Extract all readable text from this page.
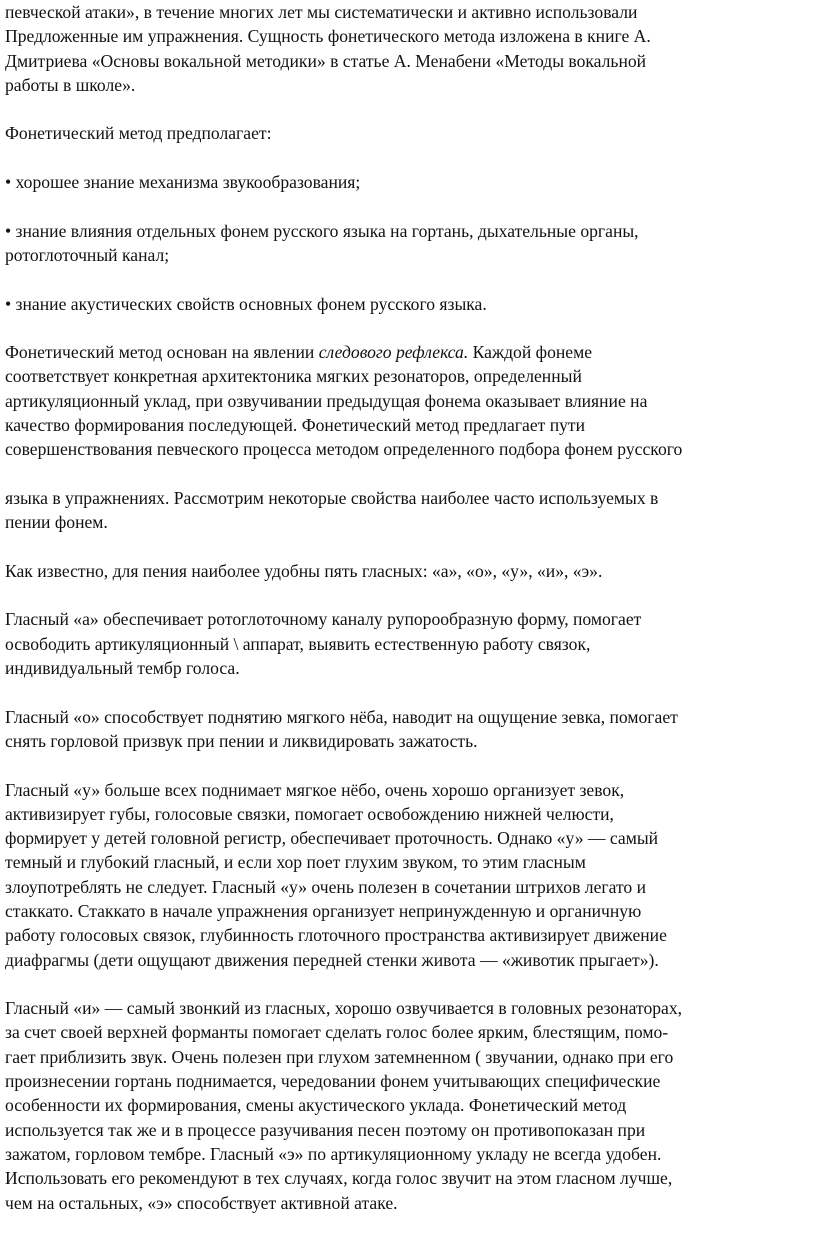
певческой атаки», в течение многих лет мы систематически и активно использовали
Предложенные им упражнения. Сущность фонетического метода изложена в книге А.
Дмитриева «Основы вокальной методики» в статье А. Менабени «Методы вокальной
работы в школе».
Фонетический метод предполагает:
• хорошее знание механизма звукообразования;
• знание влияния отдельных фонем русского языка на гортань, дыхательные органы,
ротоглоточный канал;
• знание акустических свойств основных фонем русского языка.
Фонетический метод основан на явлении следового рефлекса. Каждой фонеме
соответствует конкретная архитектоника мягких резонаторов, определенный
артикуляционный уклад, при озвучивании предыдущая фонема оказывает влияние на
качество формирования последующей. Фонетический метод предлагает пути
совершенствования певческого процесса методом определенного подбора фонем русского
языка в упражнениях. Рассмотрим некоторые свойства наиболее часто используемых в
пении фонем.
Как известно, для пения наиболее удобны пять гласных: «а», «о», «у», «и», «э».
Гласный «а» обеспечивает ротоглоточному каналу рупорообразную форму, помогает
освободить артикуляционный \ аппарат, выявить естественную работу связок,
индивидуальный тембр голоса.
Гласный «о» способствует поднятию мягкого нёба, наводит на ощущение зевка, помогает
снять горловой призвук при пении и ликвидировать зажатость.
Гласный «у» больше всех поднимает мягкое нёбо, очень хорошо организует зевок,
активизирует губы, голосовые связки, помогает освобождению нижней челюсти,
формирует у детей головной регистр, обеспечивает проточность. Однако «у» — самый
темный и глубокий гласный, и если хор поет глухим звуком, то этим гласным
злоупотреблять не следует. Гласный «у» очень полезен в сочетании штрихов легато и
стаккато. Стаккато в начале упражнения организует непринужденную и органичную
работу голосовых связок, глубинность глоточного пространства активизирует движение
диафрагмы (дети ощущают движения передней стенки живота — «животик прыгает»).
Гласный «и» — самый звонкий из гласных, хорошо озвучивается в головных резонаторах,
за счет своей верхней форманты помогает сделать голос более ярким, блестящим, помо-
гает приблизить звук. Очень полезен при глухом затемненном ( звучании, однако при его
произнесении гортань поднимается, чередовании фонем учитывающих специфические
особенности их формирования, смены акустического уклада. Фонетический метод
используется так же и в процессе разучивания песен поэтому он противопоказан при
зажатом, горловом тембре. Гласный «э» по артикуляционному укладу не всегда удобен.
Использовать его рекомендуют в тех случаях, когда голос звучит на этом гласном лучше,
чем на остальных, «э» способствует активной атаке.
